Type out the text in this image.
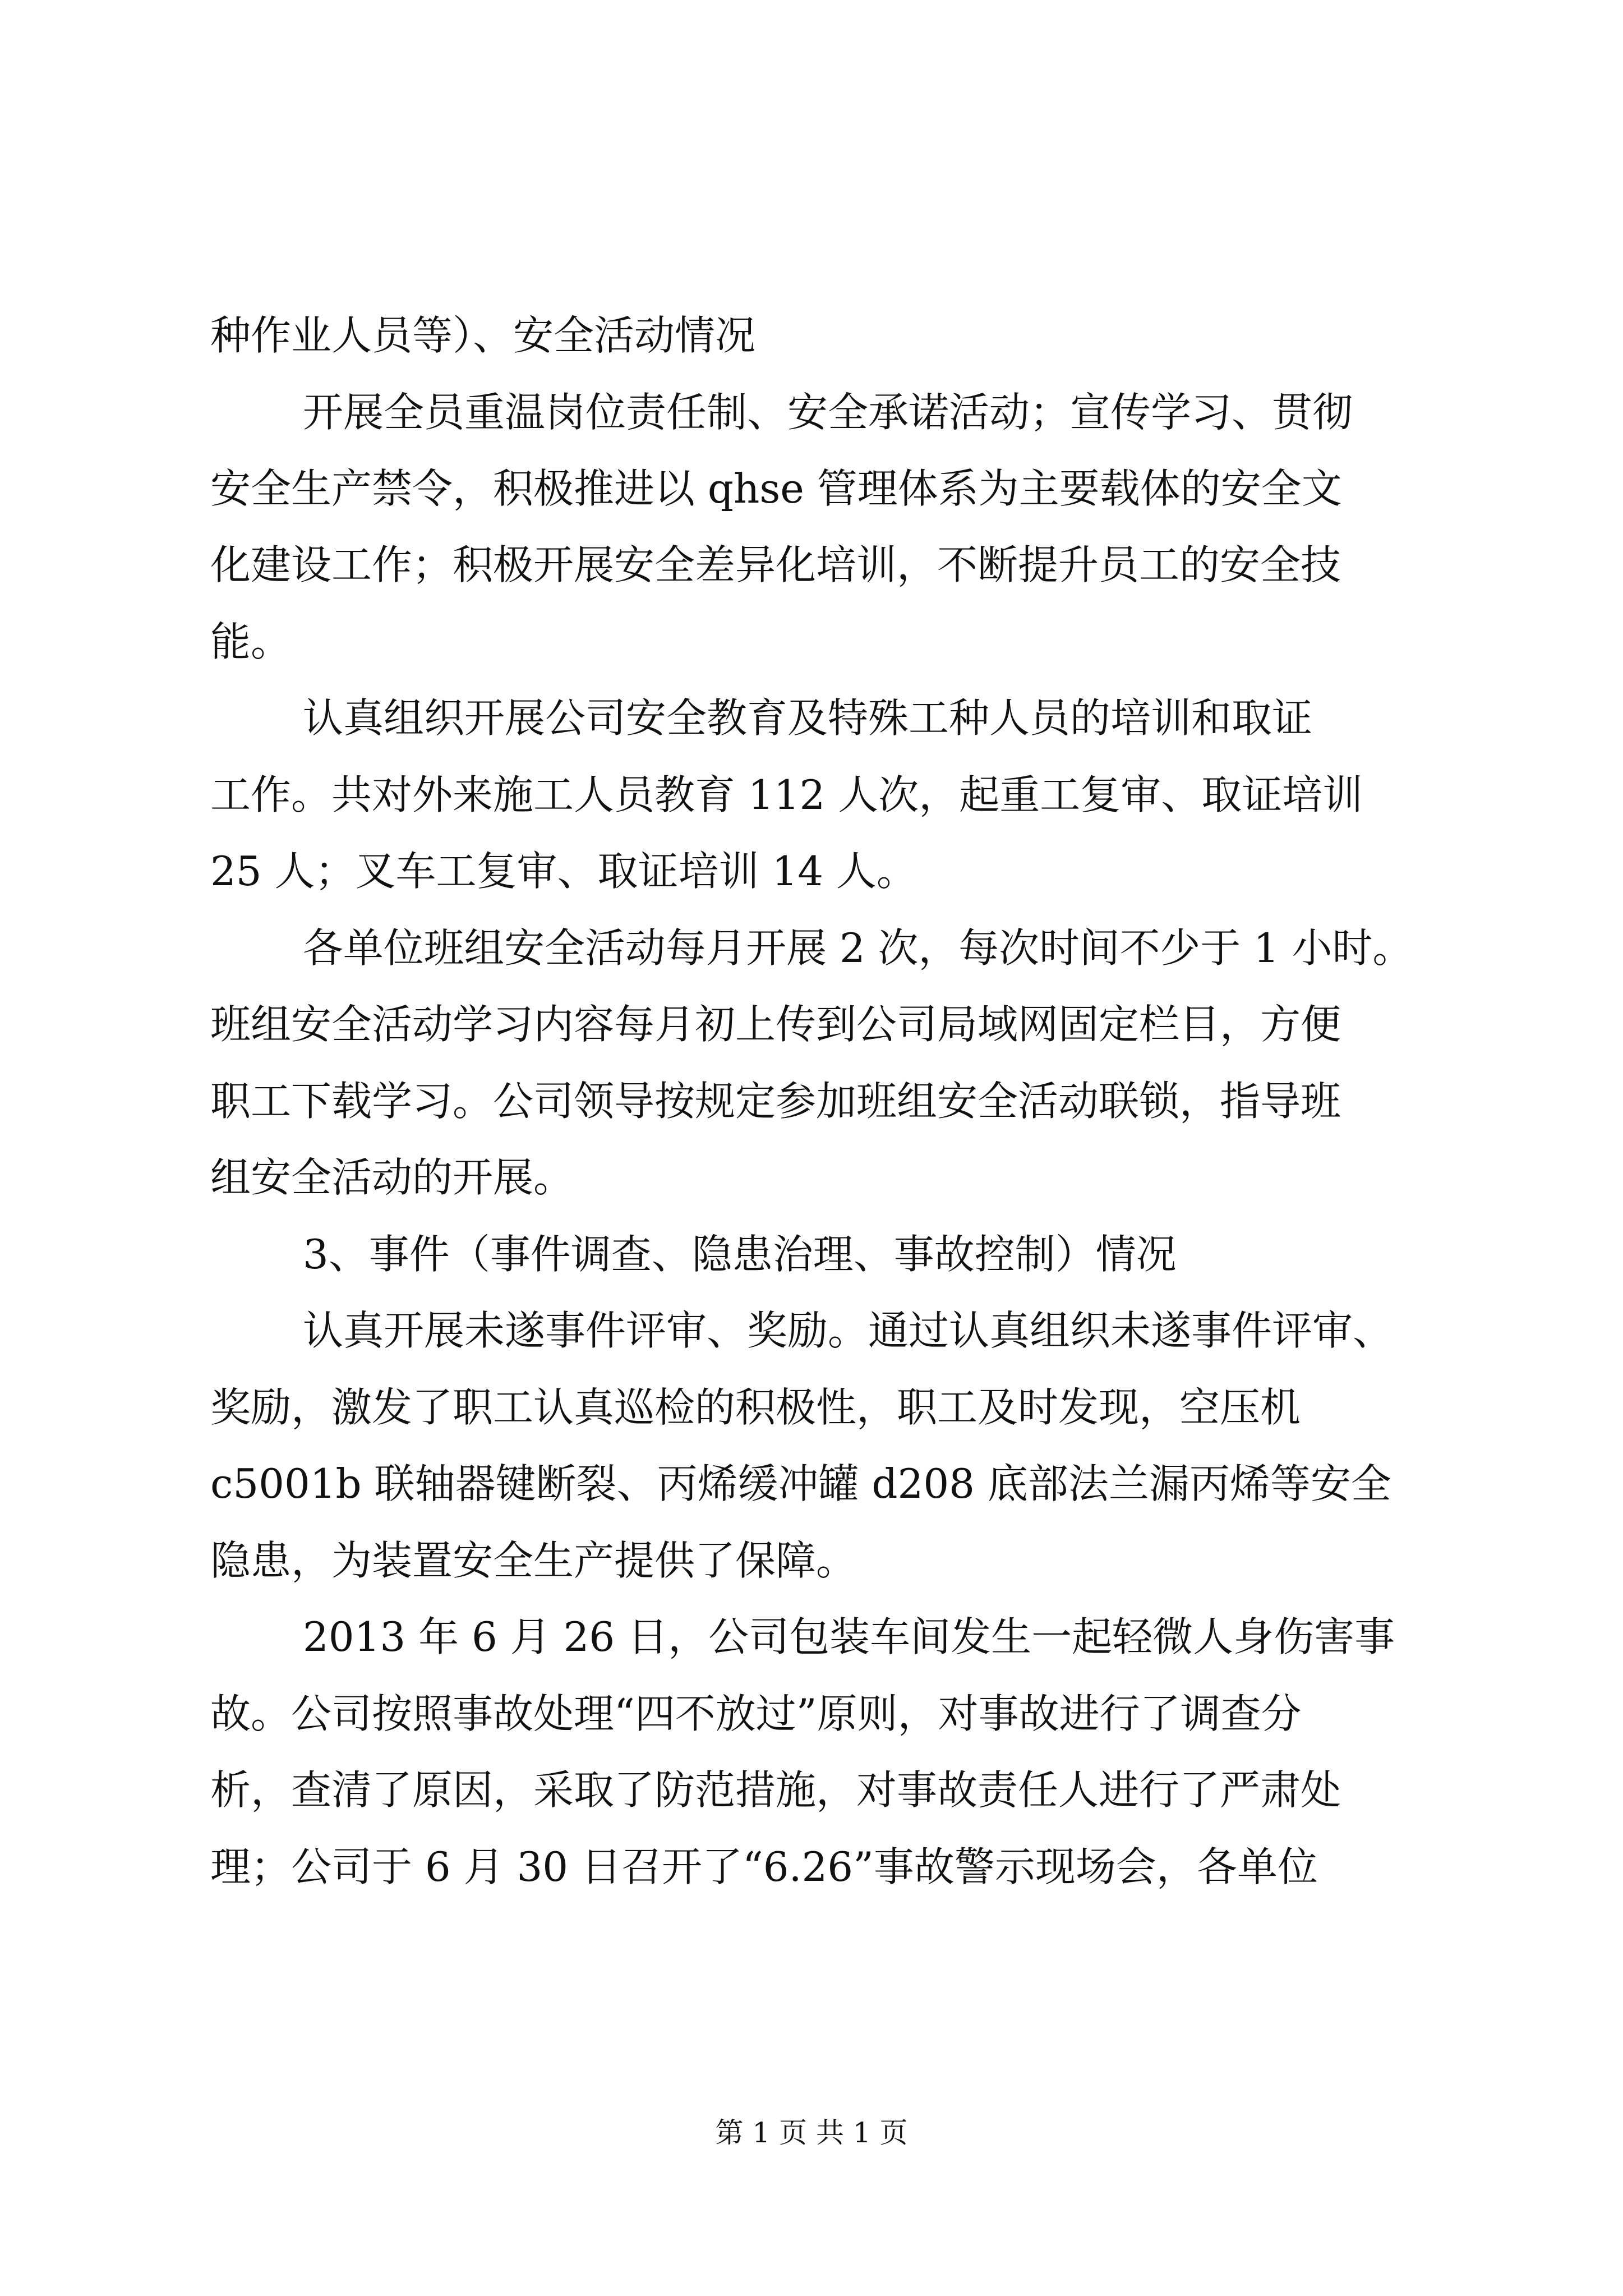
种作业人员等）、安全活动情况

开展全员重温岗位责任制、安全承诺活动；宣传学习、贯彻

安全生产禁令，积极推进以 qhse 管理体系为主要载体的安全文

化建设工作；积极开展安全差异化培训，不断提升员工的安全技

能。

认真组织开展公司安全教育及特殊工种人员的培训和取证

工作。共对外来施工人员教育 112 人次，起重工复审、取证培训

25 人；叉车工复审、取证培训 14 人。

各单位班组安全活动每月开展 2 次，每次时间不少于 1 小时。

班组安全活动学习内容每月初上传到公司局域网固定栏目，方便

职工下载学习。公司领导按规定参加班组安全活动联锁，指导班

组安全活动的开展。

3、事件（事件调查、隐患治理、事故控制）情况

认真开展未遂事件评审、奖励。通过认真组织未遂事件评审、

奖励，激发了职工认真巡检的积极性，职工及时发现，空压机

c5001b 联轴器键断裂、丙烯缓冲罐 d208 底部法兰漏丙烯等安全

隐患，为装置安全生产提供了保障。

2013 年 6 月 26 日，公司包装车间发生一起轻微人身伤害事

故。公司按照事故处理“四不放过”原则，对事故进行了调查分

析，查清了原因，采取了防范措施，对事故责任人进行了严肃处

理；公司于 6 月 30 日召开了“6.26”事故警示现场会，各单位

第 1 页 共 1 页
